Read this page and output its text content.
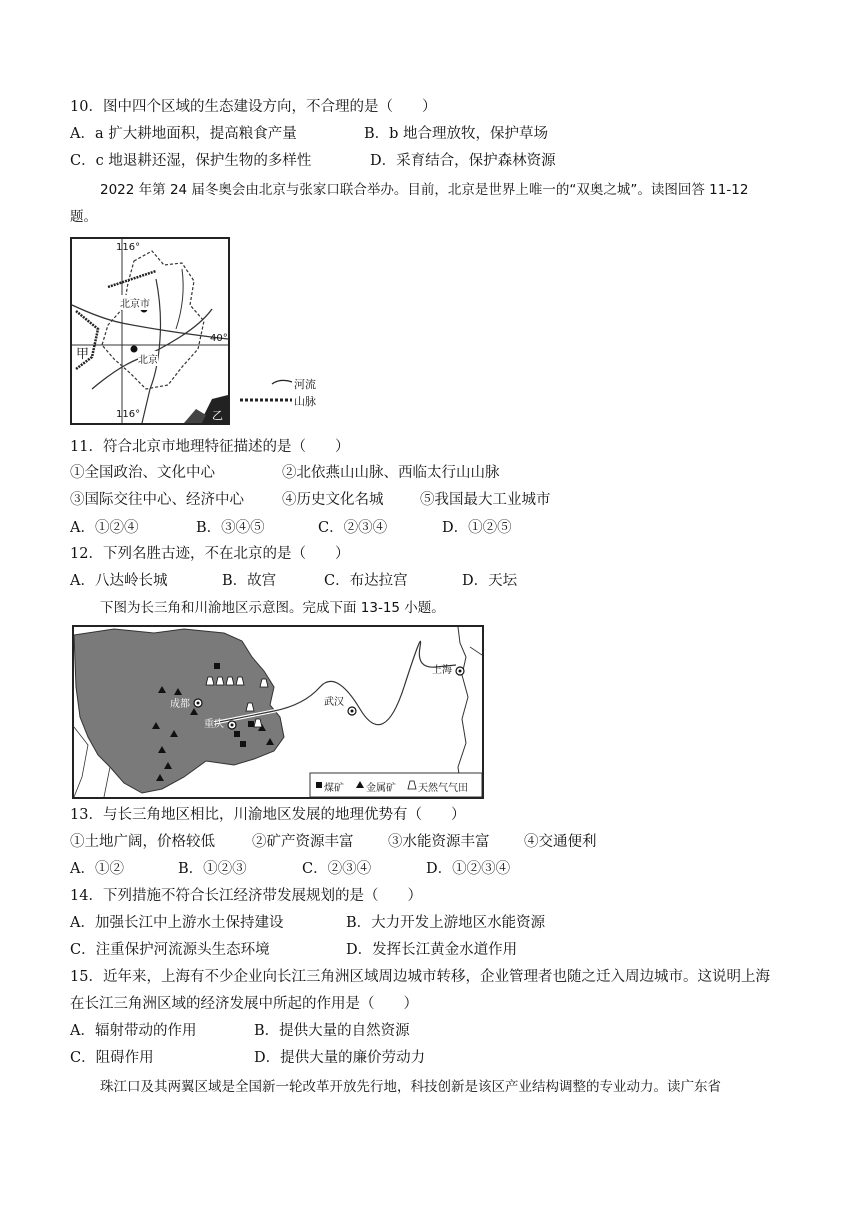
10．图中四个区域的生态建设方向，不合理的是（　　）
A．a 扩大耕地面积，提高粮食产量	B．b 地合理放牧，保护草场
C．c 地退耕还湿，保护生物的多样性	D．采育结合，保护森林资源
2022 年第 24 届冬奥会由北京与张家口联合举办。目前，北京是世界上唯一的“双奥之城”。读图回答 11-12
题。
116°
116°
40°
北京市
北京
甲
乙
河流
山脉
11．符合北京市地理特征描述的是（　　）
①全国政治、文化中心	②北依燕山山脉、西临太行山山脉
③国际交往中心、经济中心	④历史文化名城	⑤我国最大工业城市
A．①②④	B．③④⑤	C．②③④	D．①②⑤
12．下列名胜古迹，不在北京的是（　　）
A．八达岭长城	B．故宫	C．布达拉宫	D．天坛
下图为长三角和川渝地区示意图。完成下面 13-15 小题。
成都
重庆
武汉
上海
煤矿 金属矿 天然气气田
13．与长三角地区相比，川渝地区发展的地理优势有（　　）
①土地广阔，价格较低	②矿产资源丰富 ③水能资源丰富 ④交通便利
A．①②	B．①②③	C．②③④	D．①②③④
14．下列措施不符合长江经济带发展规划的是（　　）
A．加强长江中上游水土保持建设	B．大力开发上游地区水能资源
C．注重保护河流源头生态环境	D．发挥长江黄金水道作用
15．近年来，上海有不少企业向长江三角洲区域周边城市转移，企业管理者也随之迁入周边城市。这说明上海
在长江三角洲区域的经济发展中所起的作用是（　　）
A．辐射带动的作用	B．提供大量的自然资源
C．阻碍作用	D．提供大量的廉价劳动力
珠江口及其两翼区域是全国新一轮改革开放先行地，科技创新是该区产业结构调整的专业动力。读广东省
